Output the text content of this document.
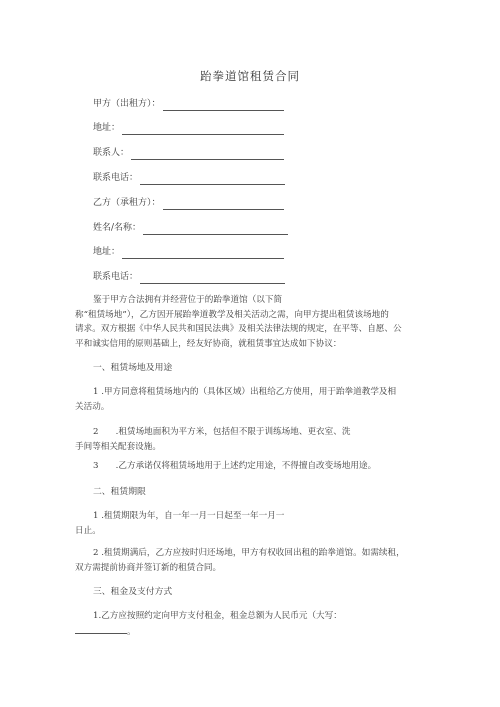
跆拳道馆租赁合同
甲方（出租方）：
地址：
联系人：
联系电话：
乙方（承租方）：
姓名/名称：
地址：
联系电话：
鉴于甲方合法拥有并经营位于的跆拳道馆（以下简
称“租赁场地”），乙方因开展跆拳道教学及相关活动之需，向甲方提出租赁该场地的
请求。双方根据《中华人民共和国民法典》及相关法律法规的规定，在平等、自愿、公
平和诚实信用的原则基础上，经友好协商，就租赁事宜达成如下协议：
一、租赁场地及用途
1 .甲方同意将租赁场地内的（具体区域）出租给乙方使用，用于跆拳道教学及相
关活动。
2　　.租赁场地面积为平方米，包括但不限于训练场地、更衣室、洗
手间等相关配套设施。
3　　.乙方承诺仅将租赁场地用于上述约定用途，不得擅自改变场地用途。
二、租赁期限
1 .租赁期限为年，自一年一月一日起至一年一月一
日止。
2 .租赁期满后，乙方应按时归还场地，甲方有权收回出租的跆拳道馆。如需续租，
双方需提前协商并签订新的租赁合同。
三、租金及支付方式
1.乙方应按照约定向甲方支付租金，租金总额为人民币元（大写：
。
